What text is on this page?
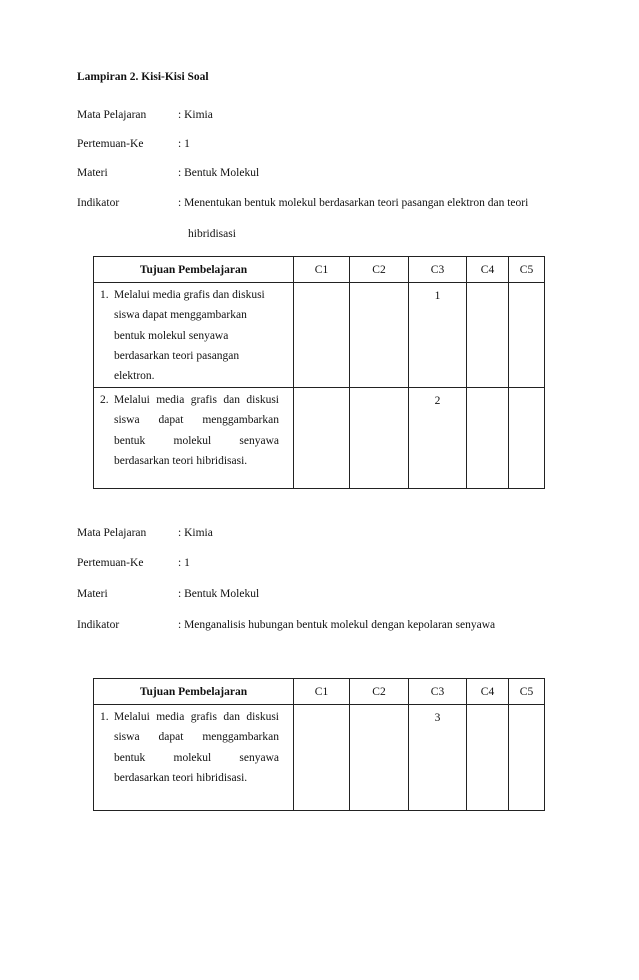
Lampiran 2. Kisi-Kisi Soal
Mata Pelajaran	: Kimia
Pertemuan-Ke	: 1
Materi	: Bentuk Molekul
Indikator	: Menentukan bentuk molekul berdasarkan teori pasangan elektron dan teori
hibridisasi
Tujuan Pembelajaran	C1	C2	C3	C4	C5

1. Melalui media grafis dan diskusi siswa dapat menggambarkan bentuk molekul senyawa berdasarkan teori pasangan elektron.			1		

2. Melalui media grafis dan diskusi siswa dapat menggambarkan bentuk molekul senyawa berdasarkan teori hibridisasi.			2		
Mata Pelajaran	: Kimia
Pertemuan-Ke	: 1
Materi	: Bentuk Molekul
Indikator	: Menganalisis hubungan bentuk molekul dengan kepolaran senyawa
Tujuan Pembelajaran	C1	C2	C3	C4	C5

1. Melalui media grafis dan diskusi siswa dapat menggambarkan bentuk molekul senyawa berdasarkan teori hibridisasi.			3		
